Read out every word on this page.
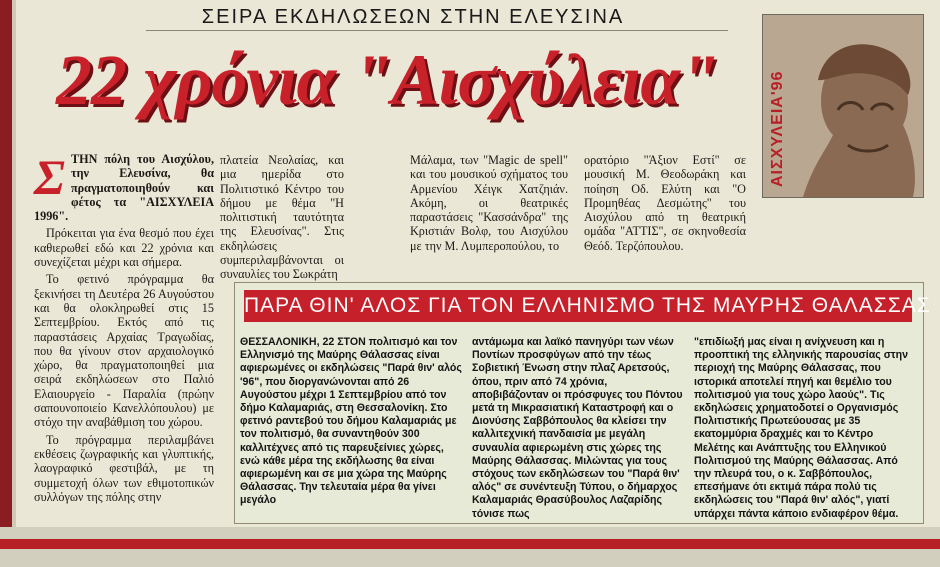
ΣΕΙΡΑ ΕΚΔΗΛΩΣΕΩΝ ΣΤΗΝ ΕΛΕΥΣΙΝΑ
22 χρόνια "Αισχύλεια"	ΑΙΣΧΥΛΕΙΑ'96

ΣΤΗΝ πόλη του Αισχύλου, την Ελευσίνα, θα πραγματοποιηθούν και φέτος τα "ΑΙΣΧΥΛΕΙΑ 1996".

Πρόκειται για ένα θεσμό που έχει καθιερωθεί εδώ και 22 χρόνια και συνεχίζεται μέχρι και σήμερα.

Το φετινό πρόγραμμα θα ξεκινήσει τη Δευτέρα 26 Αυγούστου και θα ολοκληρωθεί στις 15 Σεπτεμβρίου. Εκτός από τις παραστάσεις Αρχαίας Τραγωδίας, που θα γίνουν στον αρχαιολογικό χώρο, θα πραγματοποιηθεί μια σειρά εκδηλώσεων στο Παλιό Ελαιουργείο - Παραλία (πρώην σαπουνοποιείο Κανελλόπουλου) με στόχο την αναβάθμιση του χώρου.

Το πρόγραμμα περιλαμβάνει εκθέσεις ζωγραφικής και γλυπτικής, λαογραφικό φεστιβάλ, με τη συμμετοχή όλων των εθιμοτοπικών συλλόγων της πόλης στην

πλατεία Νεολαίας, και μια ημερίδα στο Πολιτιστικό Κέντρο του δήμου με θέμα "Η πολιτιστική ταυτότητα της Ελευσίνας". Στις εκδηλώσεις συμπεριλαμβάνονται οι συναυλίες του Σωκράτη

Μάλαμα, των "Magic de spell" και του μουσικού σχήματος του Αρμενίου Χέιγκ Χατζηιάν. Ακόμη, οι θεατρικές παραστάσεις "Κασσάνδρα" της Κριστιάν Βολφ, του Αισχύλου με την Μ. Λυμπεροπούλου, το

ορατόριο "Άξιον Εστί" σε μουσική Μ. Θεοδωράκη και ποίηση Οδ. Ελύτη και "Ο Προμηθέας Δεσμώτης" του Αισχύλου από τη θεατρική ομάδα "ΑΤΤΙΣ", σε σκηνοθεσία Θεόδ. Τερζόπουλου.

ΠΑΡΑ ΘΙΝ' ΑΛΟΣ ΓΙΑ ΤΟΝ ΕΛΛΗΝΙΣΜΟ ΤΗΣ ΜΑΥΡΗΣ ΘΑΛΑΣΣΑΣ

ΘΕΣΣΑΛΟΝΙΚΗ, 22 ΣΤΟΝ πολιτισμό και τον Ελληνισμό της Μαύρης Θάλασσας είναι αφιερωμένες οι εκδηλώσεις "Παρά θιν' αλός '96", που διοργανώνονται από 26 Αυγούστου μέχρι 1 Σεπτεμβρίου από τον δήμο Καλαμαριάς, στη Θεσσαλονίκη. Στο φετινό ραντεβού του δήμου Καλαμαριάς με τον πολιτισμό, θα συναντηθούν 300 καλλιτέχνες από τις παρευξείνιες χώρες, ενώ κάθε μέρα της εκδήλωσης θα είναι αφιερωμένη και σε μια χώρα της Μαύρης Θάλασσας. Την τελευταία μέρα θα γίνει μεγάλο

αντάμωμα και λαϊκό πανηγύρι των νέων Ποντίων προσφύγων από την τέως Σοβιετική Ένωση στην πλαζ Αρετσούς, όπου, πριν από 74 χρόνια, αποβιβάζονταν οι πρόσφυγες του Πόντου μετά τη Μικρασιατική Καταστροφή και ο Διονύσης Σαββόπουλος θα κλείσει την καλλιτεχνική πανδαισία με μεγάλη συναυλία αφιερωμένη στις χώρες της Μαύρης Θάλασσας. Μιλώντας για τους στόχους των εκδηλώσεων του "Παρά θιν' αλός" σε συνέντευξη Τύπου, ο δήμαρχος Καλαμαριάς Θρασύβουλος Λαζαρίδης τόνισε πως

"επιδίωξή μας είναι η ανίχνευση και η προοπτική της ελληνικής παρουσίας στην περιοχή της Μαύρης Θάλασσας, που ιστορικά αποτελεί πηγή και θεμέλιο του πολιτισμού για τους χώρο λαούς". Τις εκδηλώσεις χρηματοδοτεί ο Οργανισμός Πολιτιστικής Πρωτεύουσας με 35 εκατομμύρια δραχμές και το Κέντρο Μελέτης και Ανάπτυξης του Ελληνικού Πολιτισμού της Μαύρης Θάλασσας. Από την πλευρά του, ο κ. Σαββόπουλος, επεσήμανε ότι εκτιμά πάρα πολύ τις εκδηλώσεις του "Παρά θιν' αλός", γιατί υπάρχει πάντα κάποιο ενδιαφέρον θέμα.
